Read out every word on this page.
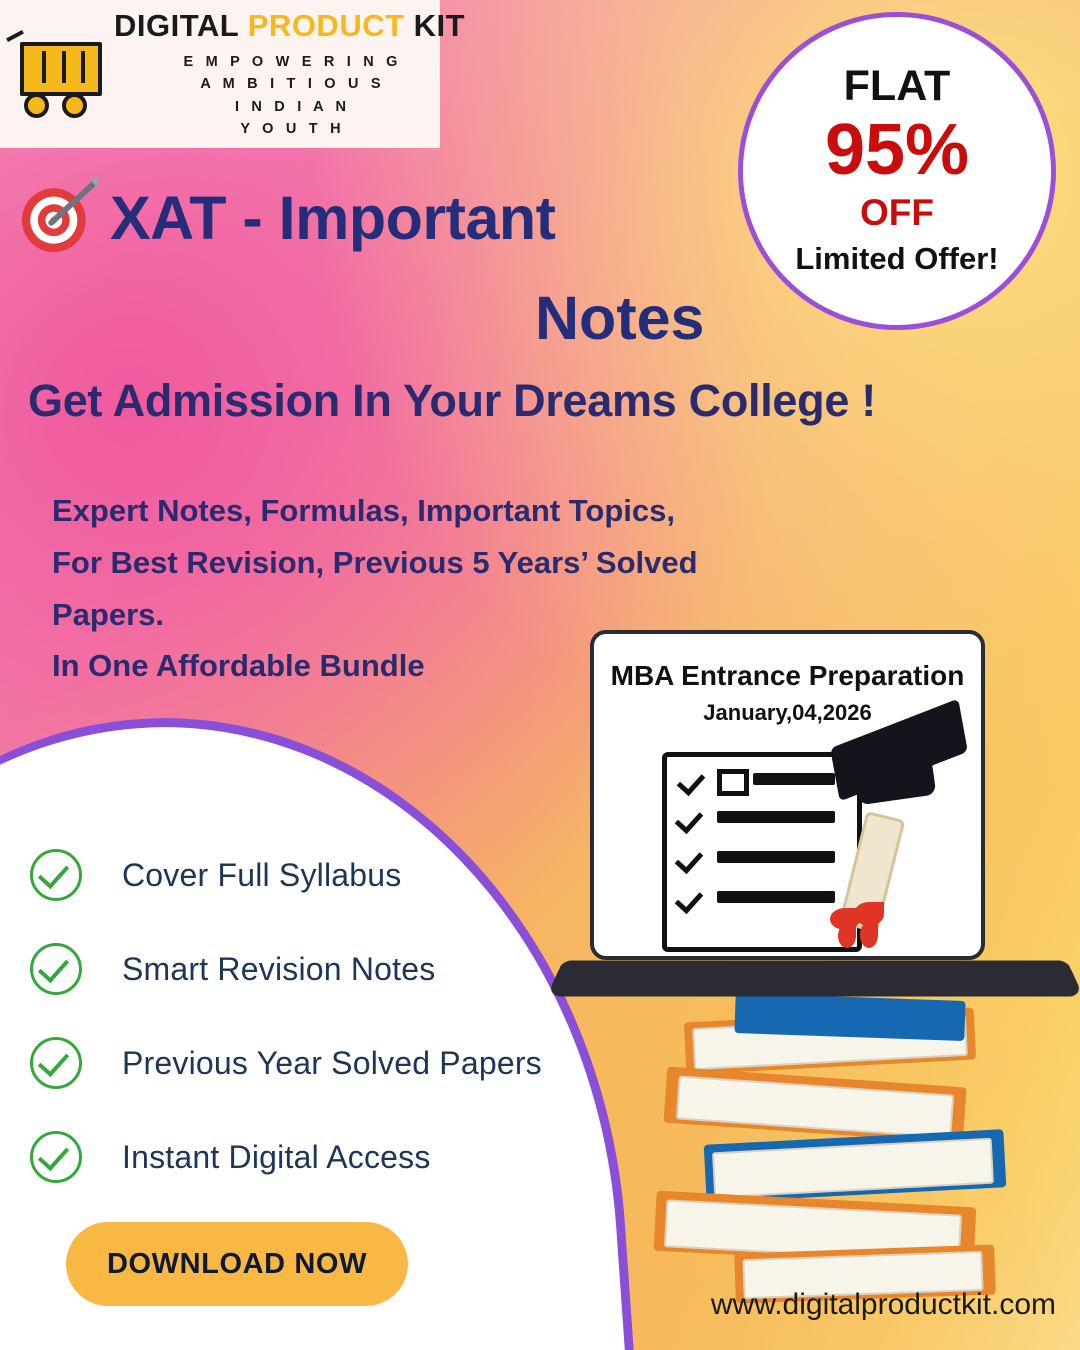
DIGITAL PRODUCT KIT
E M P O W E R I N G
A M B I T I O U S
I N D I A N
Y O U T H
FLAT
95%
OFF
Limited Offer!
XAT - Important
Notes
Get Admission In Your Dreams College !
Expert Notes, Formulas, Important Topics,
For Best Revision, Previous 5 Years’ Solved
Papers.
In One Affordable Bundle	MBA Entrance Preparation
January,04,2026
Cover Full Syllabus
Smart Revision Notes
Previous Year Solved Papers
Instant Digital Access
DOWNLOAD NOW
www.digitalproductkit.com
